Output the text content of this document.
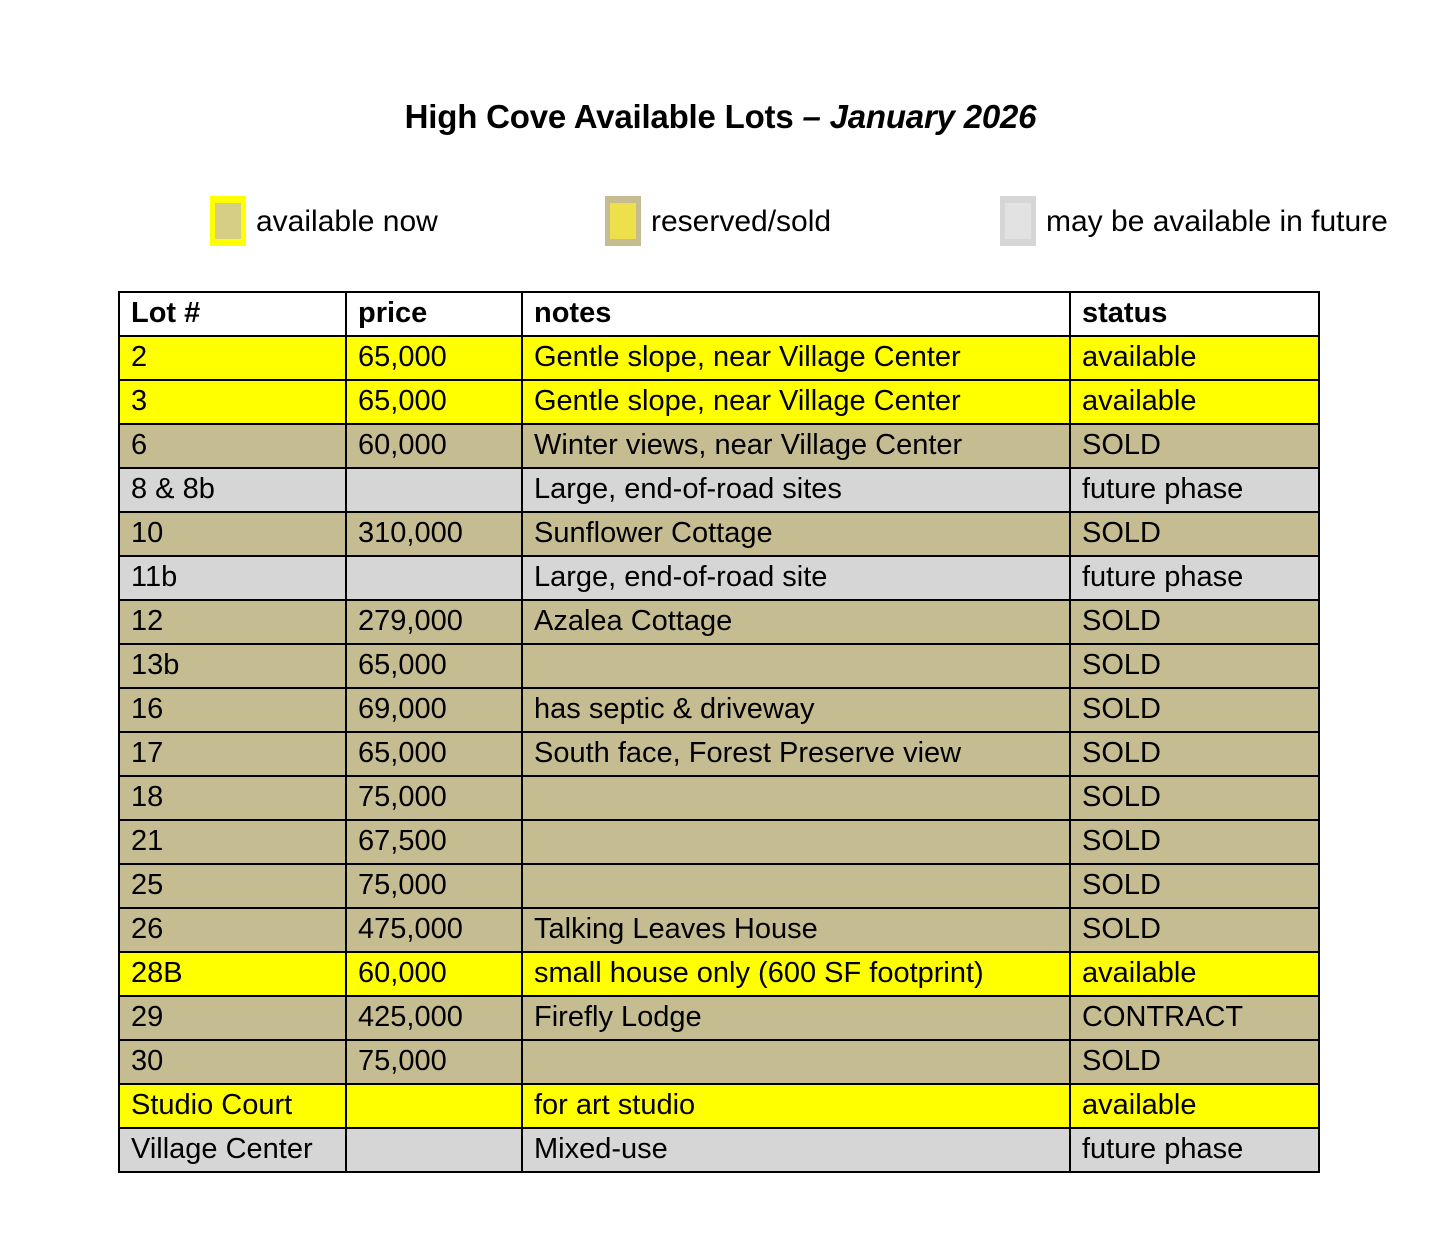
High Cove Available Lots – January 2026
available now	reserved/sold	may be available in future
Lot #	price	notes	status
2	65,000	Gentle slope, near Village Center	available
3	65,000	Gentle slope, near Village Center	available
6	60,000	Winter views, near Village Center	SOLD
8 & 8b		Large, end-of-road sites	future phase
10	310,000	Sunflower Cottage	SOLD
11b		Large, end-of-road site	future phase
12	279,000	Azalea Cottage	SOLD
13b	65,000		SOLD
16	69,000	has septic & driveway	SOLD
17	65,000	South face, Forest Preserve view	SOLD
18	75,000		SOLD
21	67,500		SOLD
25	75,000		SOLD
26	475,000	Talking Leaves House	SOLD
28B	60,000	small house only (600 SF footprint)	available
29	425,000	Firefly Lodge	CONTRACT
30	75,000		SOLD
Studio Court		for art studio	available
Village Center		Mixed-use	future phase
